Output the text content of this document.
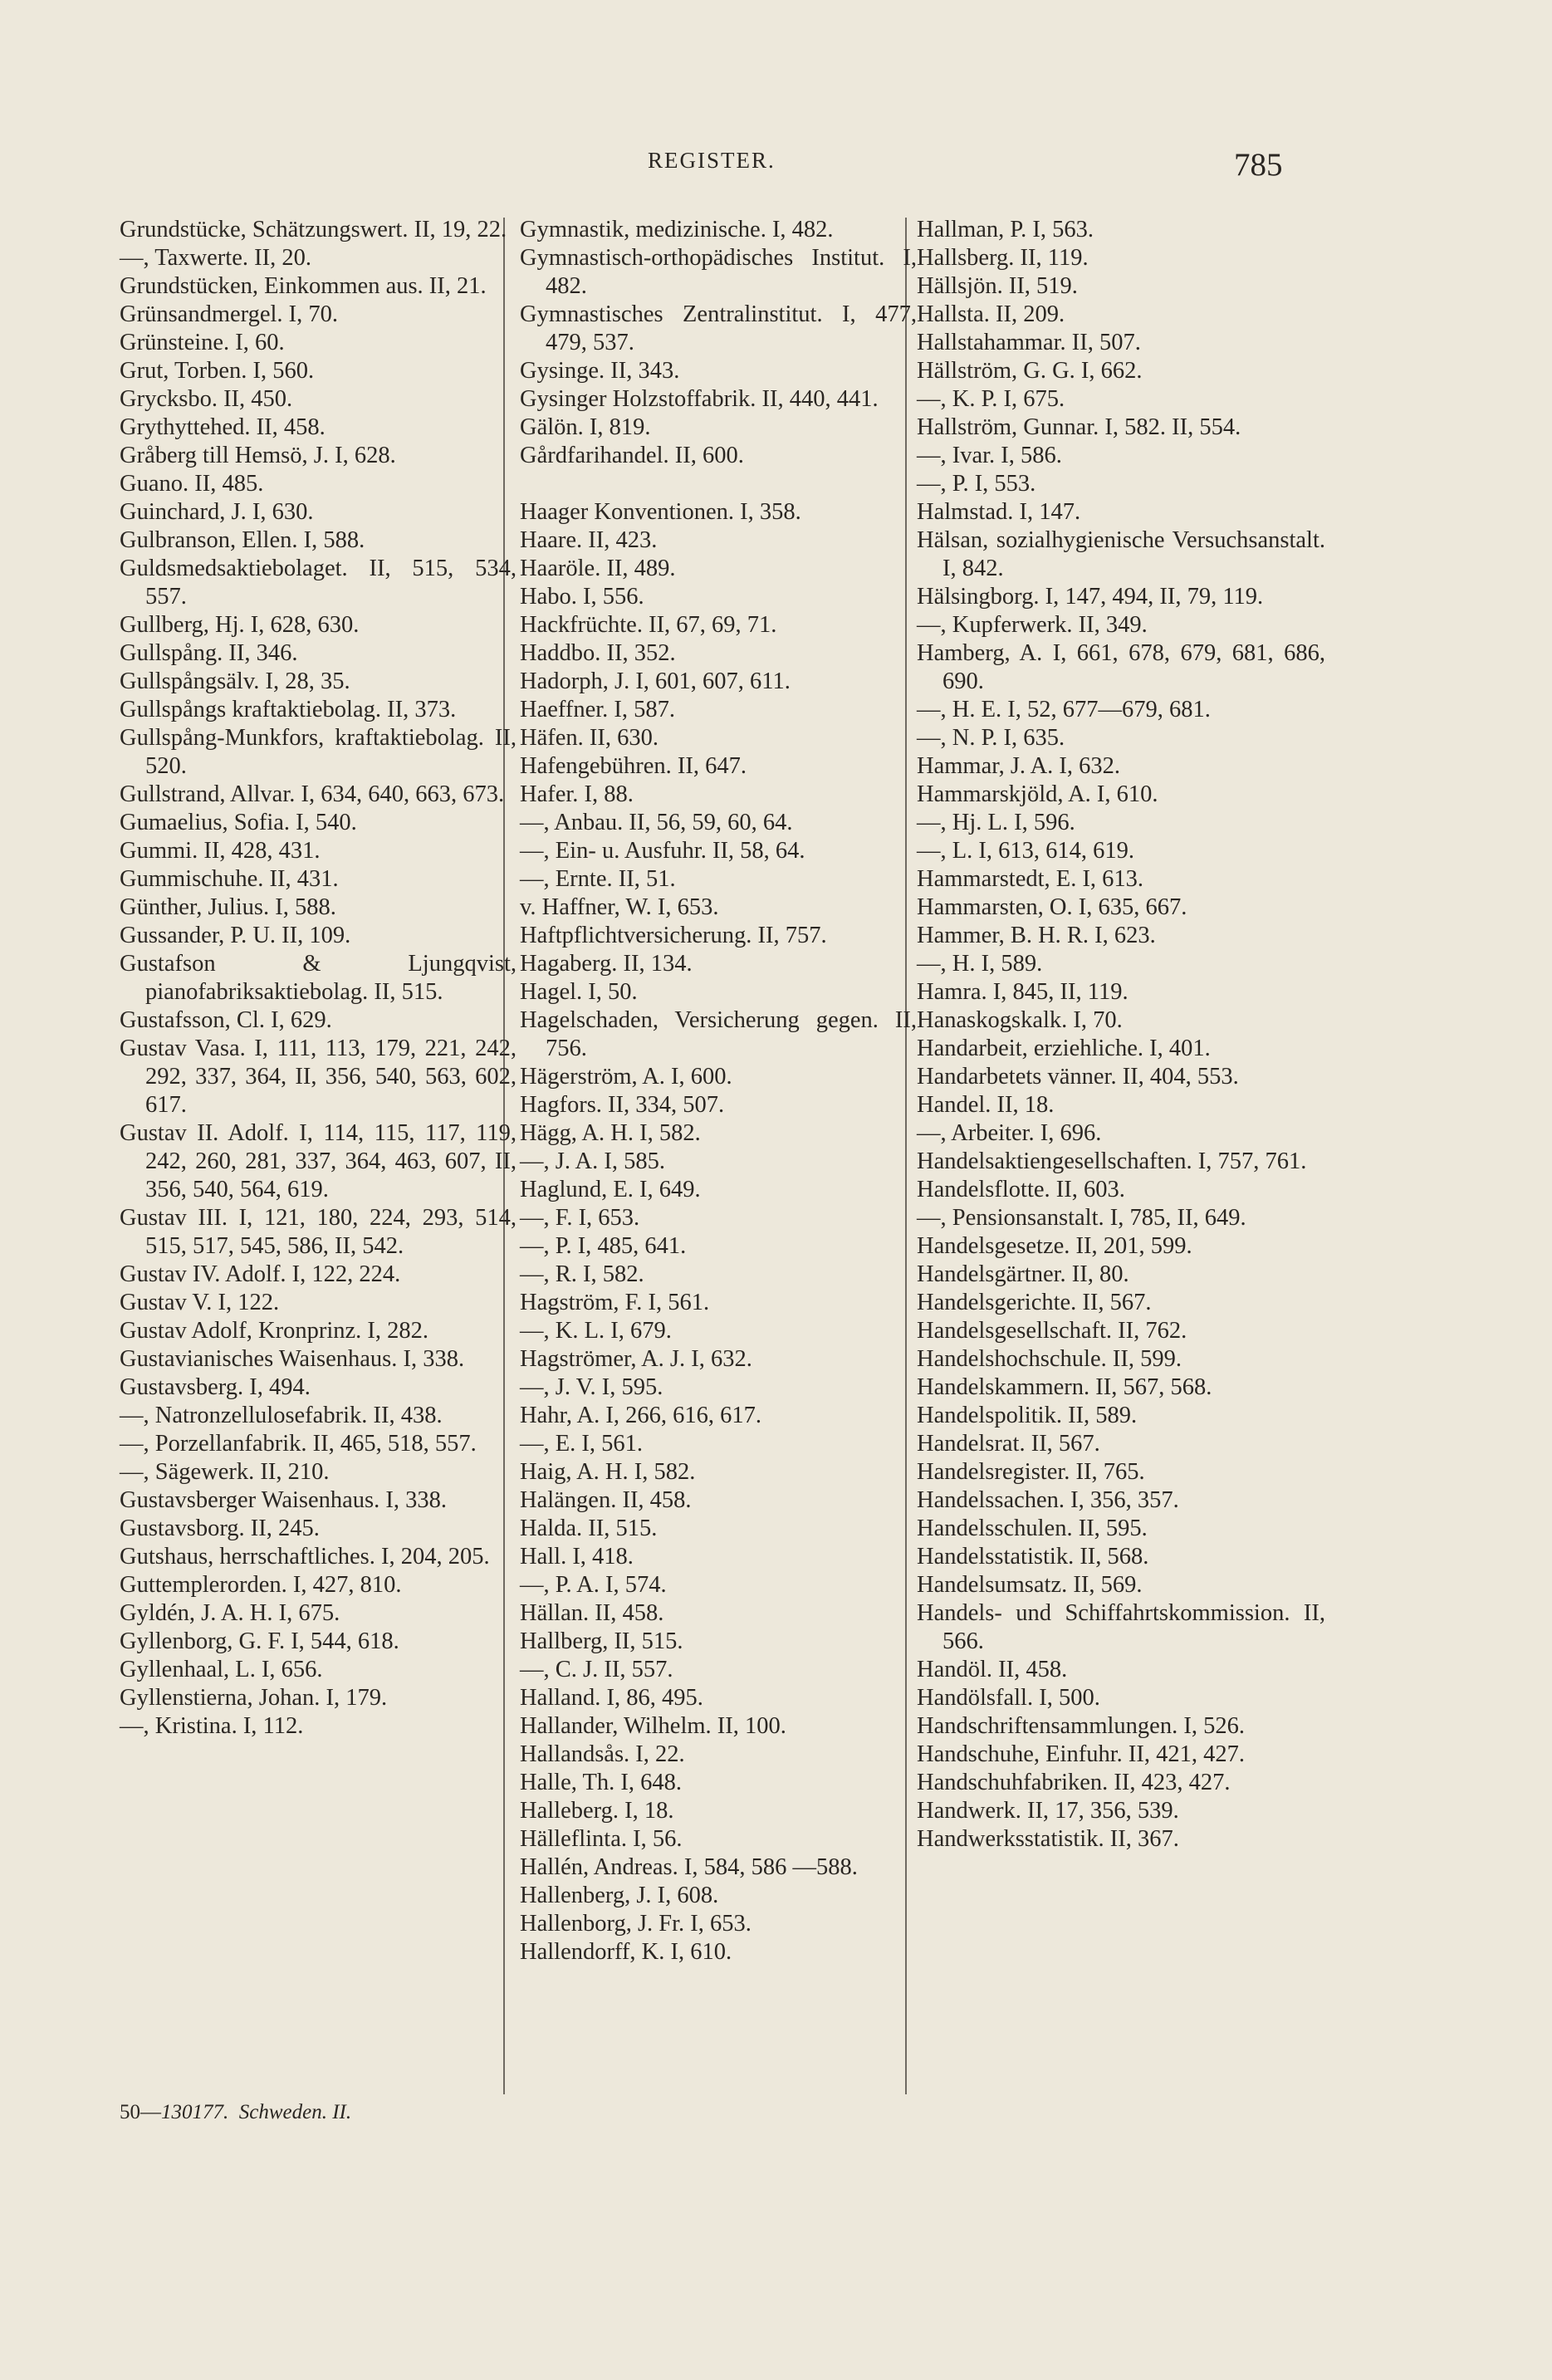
REGISTER.	785

Grundstücke, Schätzungswert. II, 19, 22.

—, Taxwerte. II, 20.

Grundstücken, Einkommen aus. II, 21.

Grünsandmergel. I, 70.

Grünsteine. I, 60.

Grut, Torben. I, 560.

Grycksbo. II, 450.

Grythyttehed. II, 458.

Gråberg till Hemsö, J. I, 628.

Guano. II, 485.

Guinchard, J. I, 630.

Gulbranson, Ellen. I, 588.

Guldsmedsaktiebolaget. II, 515, 534, 557.

Gullberg, Hj. I, 628, 630.

Gullspång. II, 346.

Gullspångsälv. I, 28, 35.

Gullspångs kraftaktiebolag. II, 373.

Gullspång-Munkfors, kraftaktiebolag. II, 520.

Gullstrand, Allvar. I, 634, 640, 663, 673.

Gumaelius, Sofia. I, 540.

Gummi. II, 428, 431.

Gummischuhe. II, 431.

Günther, Julius. I, 588.

Gussander, P. U. II, 109.

Gustafson & Ljungqvist, pianofabriksaktiebolag. II, 515.

Gustafsson, Cl. I, 629.

Gustav Vasa. I, 111, 113, 179, 221, 242, 292, 337, 364, II, 356, 540, 563, 602, 617.

Gustav II. Adolf. I, 114, 115, 117, 119, 242, 260, 281, 337, 364, 463, 607, II, 356, 540, 564, 619.

Gustav III. I, 121, 180, 224, 293, 514, 515, 517, 545, 586, II, 542.

Gustav IV. Adolf. I, 122, 224.

Gustav V. I, 122.

Gustav Adolf, Kronprinz. I, 282.

Gustavianisches Waisenhaus. I, 338.

Gustavsberg. I, 494.

—, Natronzellulosefabrik. II, 438.

—, Porzellanfabrik. II, 465, 518, 557.

—, Sägewerk. II, 210.

Gustavsberger Waisenhaus. I, 338.

Gustavsborg. II, 245.

Gutshaus, herrschaftliches. I, 204, 205.

Guttemplerorden. I, 427, 810.

Gyldén, J. A. H. I, 675.

Gyllenborg, G. F. I, 544, 618.

Gyllenhaal, L. I, 656.

Gyllenstierna, Johan. I, 179.

—, Kristina. I, 112.

Gymnastik, medizinische. I, 482.

Gymnastisch-orthopädisches Institut. I, 482.

Gymnastisches Zentralinstitut. I, 477, 479, 537.

Gysinge. II, 343.

Gysinger Holzstoffabrik. II, 440, 441.

Gälön. I, 819.

Gårdfarihandel. II, 600.

Haager Konventionen. I, 358.

Haare. II, 423.

Haaröle. II, 489.

Habo. I, 556.

Hackfrüchte. II, 67, 69, 71.

Haddbo. II, 352.

Hadorph, J. I, 601, 607, 611.

Haeffner. I, 587.

Häfen. II, 630.

Hafengebühren. II, 647.

Hafer. I, 88.

—, Anbau. II, 56, 59, 60, 64.

—, Ein- u. Ausfuhr. II, 58, 64.

—, Ernte. II, 51.

v. Haffner, W. I, 653.

Haftpflichtversicherung. II, 757.

Hagaberg. II, 134.

Hagel. I, 50.

Hagelschaden, Versicherung gegen. II, 756.

Hägerström, A. I, 600.

Hagfors. II, 334, 507.

Hägg, A. H. I, 582.

—, J. A. I, 585.

Haglund, E. I, 649.

—, F. I, 653.

—, P. I, 485, 641.

—, R. I, 582.

Hagström, F. I, 561.

—, K. L. I, 679.

Hagströmer, A. J. I, 632.

—, J. V. I, 595.

Hahr, A. I, 266, 616, 617.

—, E. I, 561.

Haig, A. H. I, 582.

Halängen. II, 458.

Halda. II, 515.

Hall. I, 418.

—, P. A. I, 574.

Hällan. II, 458.

Hallberg, II, 515.

—, C. J. II, 557.

Halland. I, 86, 495.

Hallander, Wilhelm. II, 100.

Hallandsås. I, 22.

Halle, Th. I, 648.

Halleberg. I, 18.

Hälleflinta. I, 56.

Hallén, Andreas. I, 584, 586 —588.

Hallenberg, J. I, 608.

Hallenborg, J. Fr. I, 653.

Hallendorff, K. I, 610.

Hallman, P. I, 563.

Hallsberg. II, 119.

Hällsjön. II, 519.

Hallsta. II, 209.

Hallstahammar. II, 507.

Hällström, G. G. I, 662.

—, K. P. I, 675.

Hallström, Gunnar. I, 582. II, 554.

—, Ivar. I, 586.

—, P. I, 553.

Halmstad. I, 147.

Hälsan, sozialhygienische Versuchsanstalt. I, 842.

Hälsingborg. I, 147, 494, II, 79, 119.

—, Kupferwerk. II, 349.

Hamberg, A. I, 661, 678, 679, 681, 686, 690.

—, H. E. I, 52, 677—679, 681.

—, N. P. I, 635.

Hammar, J. A. I, 632.

Hammarskjöld, A. I, 610.

—, Hj. L. I, 596.

—, L. I, 613, 614, 619.

Hammarstedt, E. I, 613.

Hammarsten, O. I, 635, 667.

Hammer, B. H. R. I, 623.

—, H. I, 589.

Hamra. I, 845, II, 119.

Hanaskogskalk. I, 70.

Handarbeit, erziehliche. I, 401.

Handarbetets vänner. II, 404, 553.

Handel. II, 18.

—, Arbeiter. I, 696.

Handelsaktiengesellschaften. I, 757, 761.

Handelsflotte. II, 603.

—, Pensionsanstalt. I, 785, II, 649.

Handelsgesetze. II, 201, 599.

Handelsgärtner. II, 80.

Handelsgerichte. II, 567.

Handelsgesellschaft. II, 762.

Handelshochschule. II, 599.

Handelskammern. II, 567, 568.

Handelspolitik. II, 589.

Handelsrat. II, 567.

Handelsregister. II, 765.

Handelssachen. I, 356, 357.

Handelsschulen. II, 595.

Handelsstatistik. II, 568.

Handelsumsatz. II, 569.

Handels- und Schiffahrtskommission. II, 566.

Handöl. II, 458.

Handölsfall. I, 500.

Handschriftensammlungen. I, 526.

Handschuhe, Einfuhr. II, 421, 427.

Handschuhfabriken. II, 423, 427.

Handwerk. II, 17, 356, 539.

Handwerksstatistik. II, 367.

50—130177. Schweden. II.
